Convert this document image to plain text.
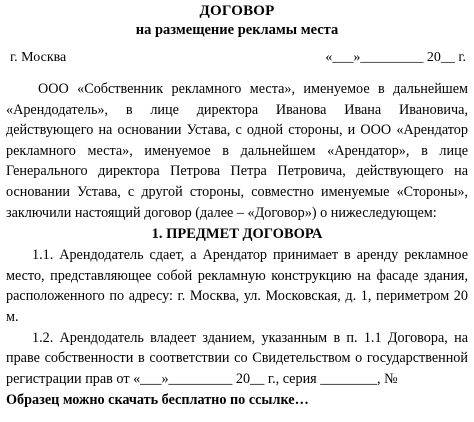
ДОГОВОР
на размещение рекламы места
г. Москва	«___»_________ 20__ г.

ООО «Собственник рекламного места», именуемое в дальнейшем «Арендодатель», в лице директора Иванова Ивана Ивановича, действующего на основании Устава, с одной стороны, и ООО «Арендатор рекламного места», именуемое в дальнейшем «Арендатор», в лице Генерального директора Петрова Петра Петровича, действующего на основании Устава, с другой стороны, совместно именуемые «Стороны», заключили настоящий договор (далее – «Договор») о нижеследующем:

1. ПРЕДМЕТ ДОГОВОРА

1.1. Арендодатель сдает, а Арендатор принимает в аренду рекламное место, представляющее собой рекламную конструкцию на фасаде здания, расположенного по адресу: г. Москва, ул. Московская, д. 1, периметром 20 м.

1.2. Арендодатель владеет зданием, указанным в п. 1.1 Договора, на праве собственности в соответствии со Свидетельством о государственной регистрации прав от «___»_________ 20__ г., серия ________, №

Образец можно скачать бесплатно по ссылке…
